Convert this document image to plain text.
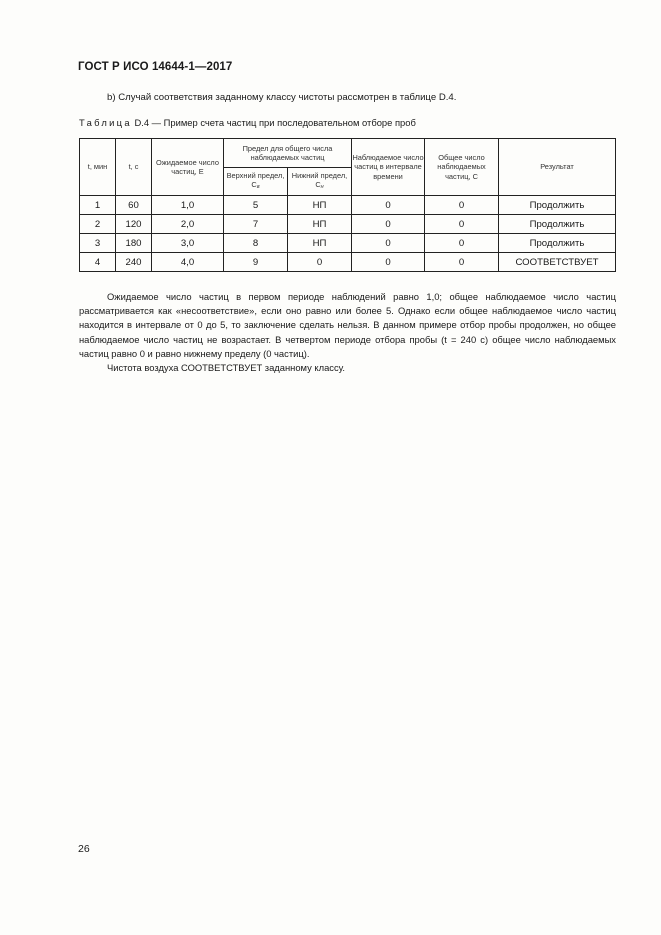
ГОСТ Р ИСО 14644-1—2017
b) Случай соответствия заданному классу чистоты рассмотрен в таблице D.4.
Таблица D.4 — Пример счета частиц при последовательном отборе проб
t, мин	t, с	Ожидаемое число частиц, E	Предел для общего числа наблюдаемых частиц		Наблюдаемое число частиц в интервале времени	Общее число наблюдаемых частиц, C	Результат
			Верхний предел, Cв	Нижний предел, Cн			
1	60	1,0	5	НП	0	0	Продолжить
2	120	2,0	7	НП	0	0	Продолжить
3	180	3,0	8	НП	0	0	Продолжить
4	240	4,0	9	0	0	0	СООТВЕТСТВУЕТ

Ожидаемое число частиц в первом периоде наблюдений равно 1,0; общее наблюдаемое число частиц рассматривается как «несоответствие», если оно равно или более 5. Однако если общее наблюдаемое число частиц находится в интервале от 0 до 5, то заключение сделать нельзя. В данном примере отбор пробы продолжен, но общее наблюдаемое число частиц не возрастает. В четвертом периоде отбора пробы (t = 240 с) общее число наблюдаемых частиц равно 0 и равно нижнему пределу (0 частиц).

Чистота воздуха СООТВЕТСТВУЕТ заданному классу.

26
